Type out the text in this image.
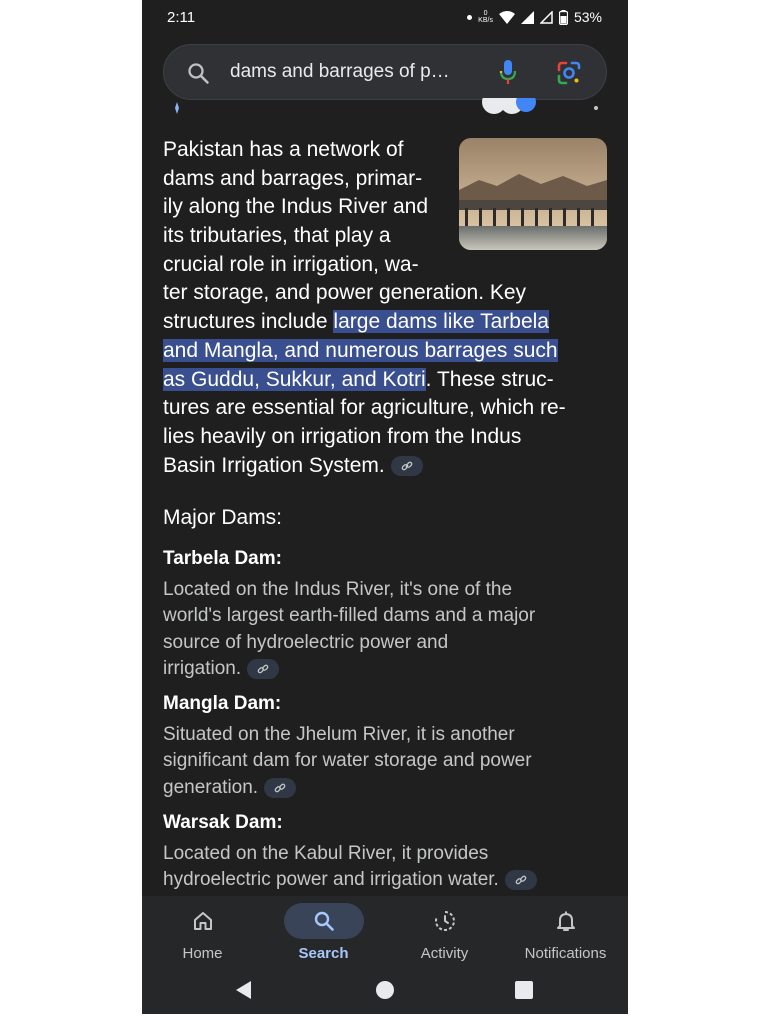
2:11	0
KB/s	53%
dams and barrages of p…
Pakistan has a network of
dams and barrages, primar-
ily along the Indus River and
its tributaries, that play a
crucial role in irrigation, wa-
ter storage, and power generation. Key
structures include large dams like Tarbela
and Mangla, and numerous barrages such
as Guddu, Sukkur, and Kotri. These struc-
tures are essential for agriculture, which re-
lies heavily on irrigation from the Indus
Basin Irrigation System.
Major Dams:
Tarbela Dam:
Located on the Indus River, it's one of the
world's largest earth-filled dams and a major
source of hydroelectric power and
irrigation.
Mangla Dam:
Situated on the Jhelum River, it is another
significant dam for water storage and power
generation.
Warsak Dam:
Located on the Kabul River, it provides
hydroelectric power and irrigation water.
Home	Search	Activity	Notifications
